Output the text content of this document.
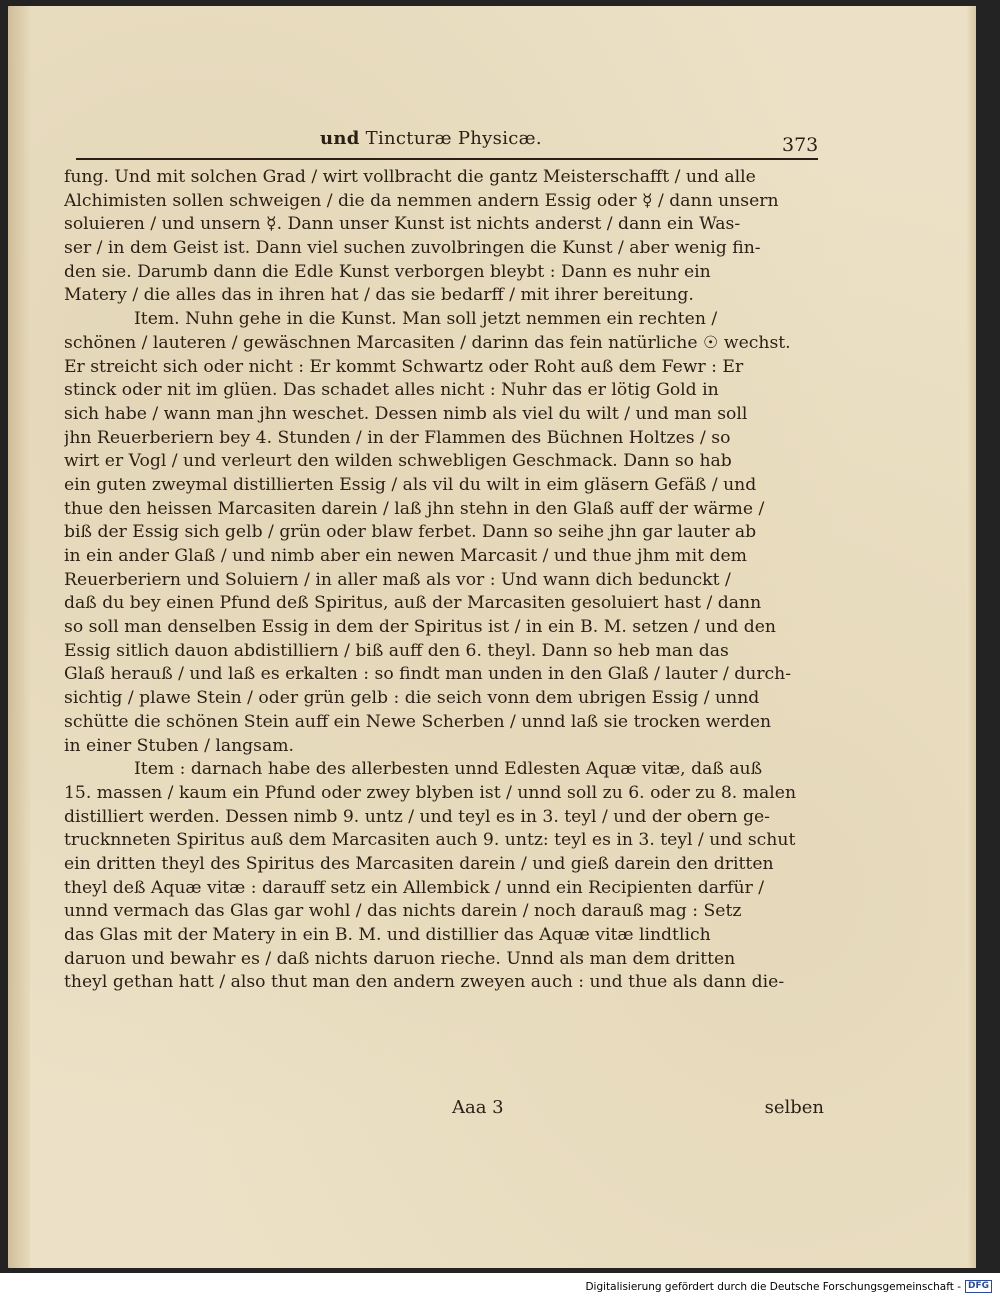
und Tincturæ Physicæ.	373
fung. Und mit solchen Grad / wirt vollbracht die gantz Meisterschafft / und alle
Alchimisten sollen schweigen / die da nemmen andern Essig oder ☿ / dann unsern
soluieren / und unsern ☿. Dann unser Kunst ist nichts anderst / dann ein Was-
ser / in dem Geist ist. Dann viel suchen zuvolbringen die Kunst / aber wenig fin-
den sie. Darumb dann die Edle Kunst verborgen bleybt : Dann es nuhr ein
Matery / die alles das in ihren hat / das sie bedarff / mit ihrer bereitung.
Item. Nuhn gehe in die Kunst. Man soll jetzt nemmen ein rechten /
schönen / lauteren / gewäschnen Marcasiten / darinn das fein natürliche ☉ wechst.
Er streicht sich oder nicht : Er kommt Schwartz oder Roht auß dem Fewr : Er
stinck oder nit im glüen. Das schadet alles nicht : Nuhr das er lötig Gold in
sich habe / wann man jhn weschet. Dessen nimb als viel du wilt / und man soll
jhn Reuerberiern bey 4. Stunden / in der Flammen des Büchnen Holtzes / so
wirt er Vogl / und verleurt den wilden schwebligen Geschmack. Dann so hab
ein guten zweymal distillierten Essig / als vil du wilt in eim gläsern Gefäß / und
thue den heissen Marcasiten darein / laß jhn stehn in den Glaß auff der wärme /
biß der Essig sich gelb / grün oder blaw ferbet. Dann so seihe jhn gar lauter ab
in ein ander Glaß / und nimb aber ein newen Marcasit / und thue jhm mit dem
Reuerberiern und Soluiern / in aller maß als vor : Und wann dich bedunckt /
daß du bey einen Pfund deß Spiritus, auß der Marcasiten gesoluiert hast / dann
so soll man denselben Essig in dem der Spiritus ist / in ein B. M. setzen / und den
Essig sitlich dauon abdistilliern / biß auff den 6. theyl. Dann so heb man das
Glaß herauß / und laß es erkalten : so findt man unden in den Glaß / lauter / durch-
sichtig / plawe Stein / oder grün gelb : die seich vonn dem ubrigen Essig / unnd
schütte die schönen Stein auff ein Newe Scherben / unnd laß sie trocken werden
in einer Stuben / langsam.
Item : darnach habe des allerbesten unnd Edlesten Aquæ vitæ, daß auß
15. massen / kaum ein Pfund oder zwey blyben ist / unnd soll zu 6. oder zu 8. malen
distilliert werden. Dessen nimb 9. untz / und teyl es in 3. teyl / und der obern ge-
trucknneten Spiritus auß dem Marcasiten auch 9. untz: teyl es in 3. teyl / und schut
ein dritten theyl des Spiritus des Marcasiten darein / und gieß darein den dritten
theyl deß Aquæ vitæ : darauff setz ein Allembick / unnd ein Recipienten darfür /
unnd vermach das Glas gar wohl / das nichts darein / noch darauß mag : Setz
das Glas mit der Matery in ein B. M. und distillier das Aquæ vitæ lindtlich
daruon und bewahr es / daß nichts daruon rieche. Unnd als man dem dritten
theyl gethan hatt / also thut man den andern zweyen auch : und thue als dann die-
Aaa 3	selben
Digitalisierung gefördert durch die Deutsche Forschungsgemeinschaft - DFG
